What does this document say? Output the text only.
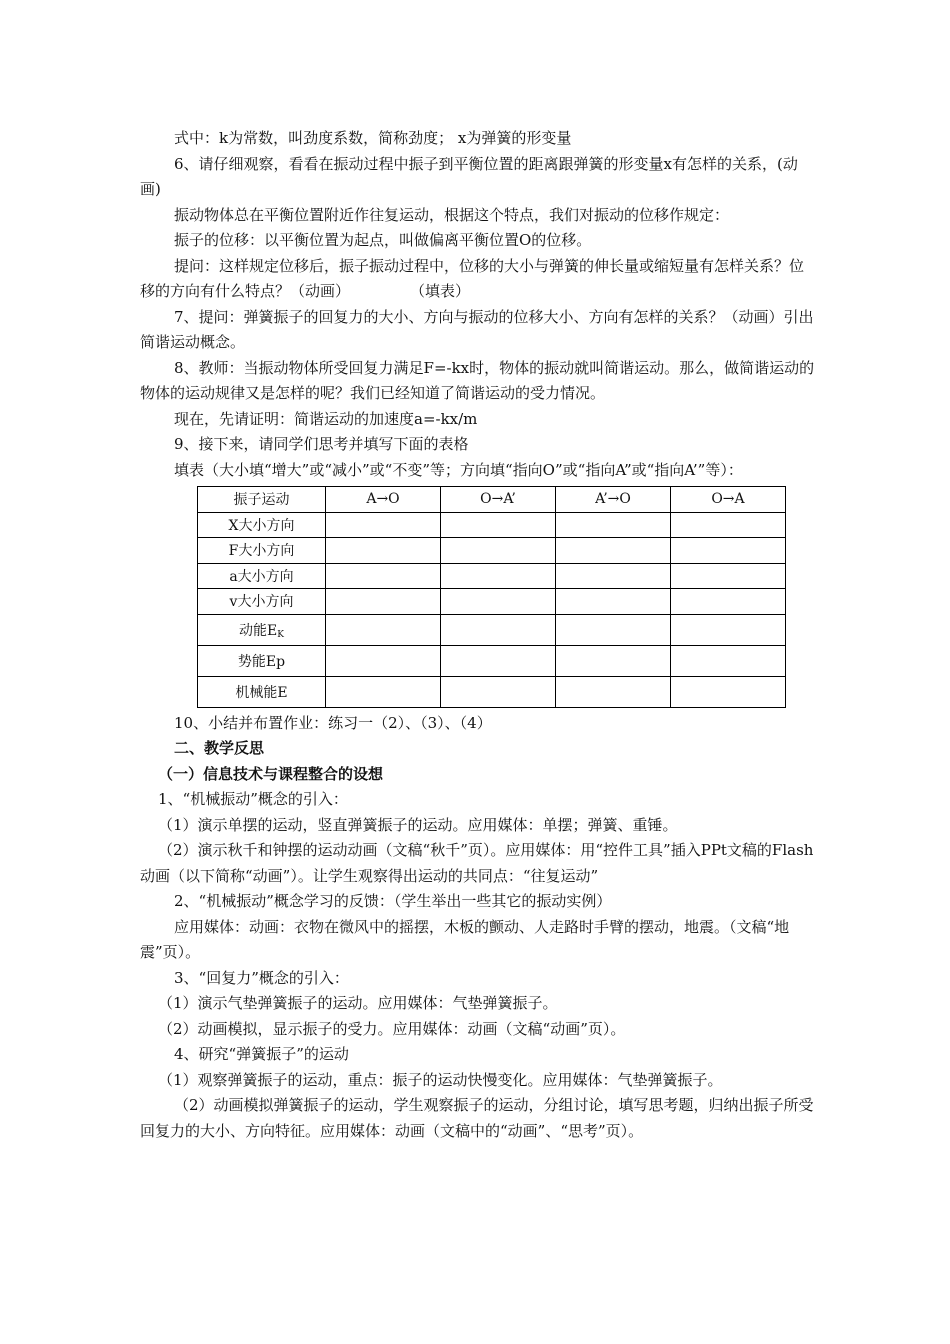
式中：k为常数，叫劲度系数，简称劲度； x为弹簧的形变量

6、请仔细观察，看看在振动过程中振子到平衡位置的距离跟弹簧的形变量x有怎样的关系，(动画)

振动物体总在平衡位置附近作往复运动，根据这个特点，我们对振动的位移作规定：

振子的位移：以平衡位置为起点，叫做偏离平衡位置O的位移。

提问：这样规定位移后，振子振动过程中，位移的大小与弹簧的伸长量或缩短量有怎样关系？位移的方向有什么特点？（动画）　　　　　（填表）

7、提问：弹簧振子的回复力的大小、方向与振动的位移大小、方向有怎样的关系？（动画）引出简谐运动概念。

8、教师：当振动物体所受回复力满足F=-kx时，物体的振动就叫简谐运动。那么，做简谐运动的物体的运动规律又是怎样的呢？我们已经知道了简谐运动的受力情况。

现在，先请证明：简谐运动的加速度a=-kx/m

9、接下来，请同学们思考并填写下面的表格

填表（大小填“增大”或“减小”或“不变”等；方向填“指向O”或“指向A”或“指向A’”等）：

振子运动	A→O	O→A’	A’→O	O→A
X大小方向				
F大小方向				
a大小方向				
v大小方向				
动能$E_K$				
势能Ep				
机械能E				

10、小结并布置作业：练习一（2）、（3）、（4）

二、教学反思

（一）信息技术与课程整合的设想

1、“机械振动”概念的引入：

（1）演示单摆的运动，竖直弹簧振子的运动。应用媒体：单摆；弹簧、重锤。

（2）演示秋千和钟摆的运动动画（文稿“秋千”页）。应用媒体：用“控件工具”插入PPt文稿的Flash动画（以下简称“动画”）。让学生观察得出运动的共同点：“往复运动”

2、“机械振动”概念学习的反馈：（学生举出一些其它的振动实例）

应用媒体：动画：衣物在微风中的摇摆，木板的颤动、人走路时手臂的摆动，地震。（文稿“地震”页）。

3、“回复力”概念的引入：

（1）演示气垫弹簧振子的运动。应用媒体：气垫弹簧振子。

（2）动画模拟，显示振子的受力。应用媒体：动画（文稿“动画”页）。

4、研究“弹簧振子”的运动

（1）观察弹簧振子的运动，重点：振子的运动快慢变化。应用媒体：气垫弹簧振子。

（2）动画模拟弹簧振子的运动，学生观察振子的运动，分组讨论，填写思考题，归纳出振子所受回复力的大小、方向特征。应用媒体：动画（文稿中的“动画”、“思考”页）。
